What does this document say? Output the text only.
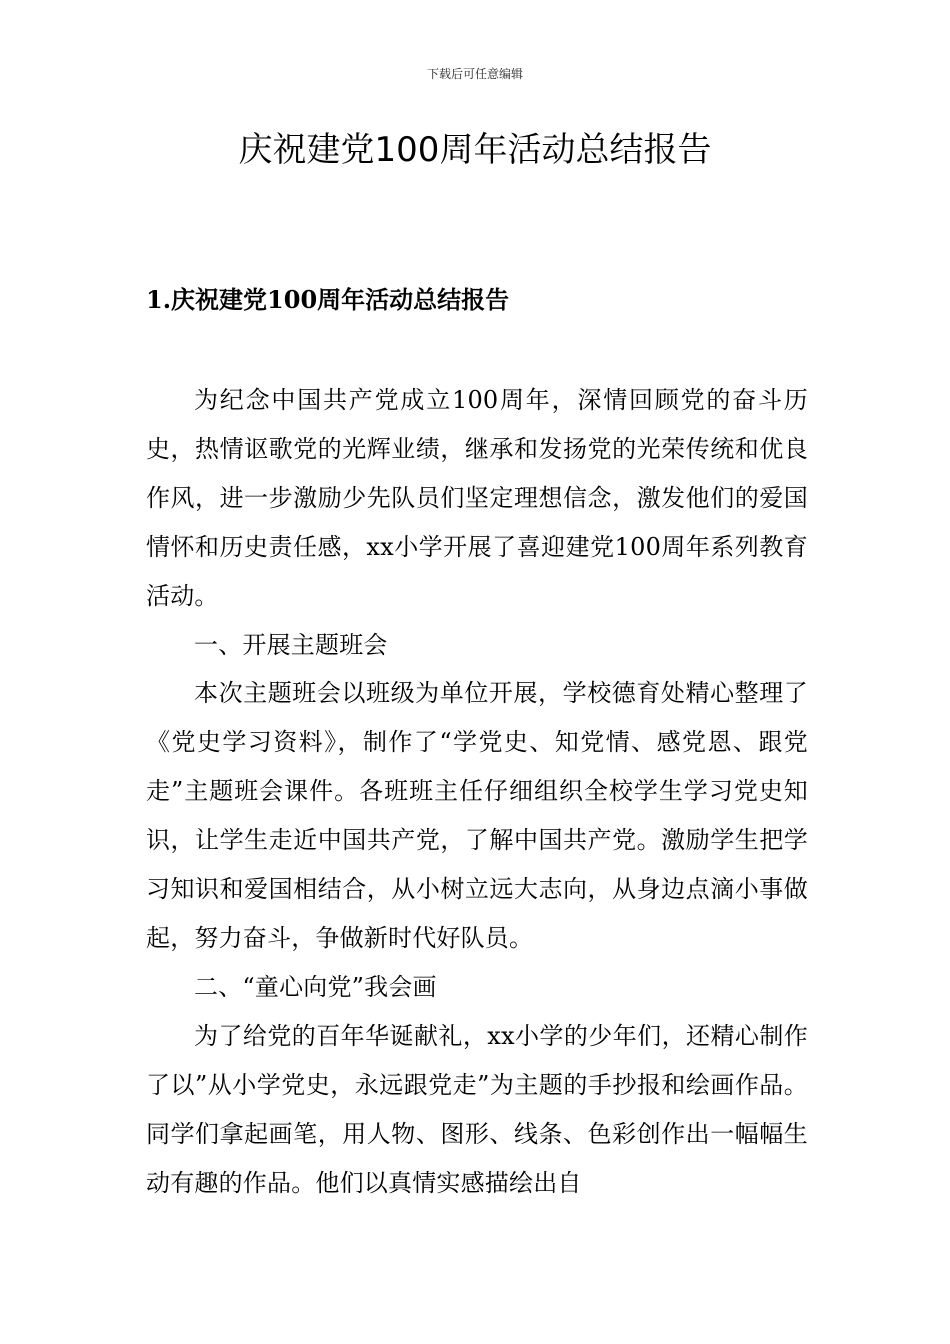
下载后可任意编辑
庆祝建党100周年活动总结报告
1.庆祝建党100周年活动总结报告

为纪念中国共产党成立100周年，深情回顾党的奋斗历史，热情讴歌党的光辉业绩，继承和发扬党的光荣传统和优良作风，进一步激励少先队员们坚定理想信念，激发他们的爱国情怀和历史责任感，xx小学开展了喜迎建党100周年系列教育活动。

一、开展主题班会

本次主题班会以班级为单位开展，学校德育处精心整理了《党史学习资料》，制作了“学党史、知党情、感党恩、跟党走”主题班会课件。各班班主任仔细组织全校学生学习党史知识，让学生走近中国共产党，了解中国共产党。激励学生把学习知识和爱国相结合，从小树立远大志向，从身边点滴小事做起，努力奋斗，争做新时代好队员。

二、“童心向党”我会画

为了给党的百年华诞献礼，xx小学的少年们，还精心制作了以”从小学党史，永远跟党走”为主题的手抄报和绘画作品。同学们拿起画笔，用人物、图形、线条、色彩创作出一幅幅生动有趣的作品。他们以真情实感描绘出自
